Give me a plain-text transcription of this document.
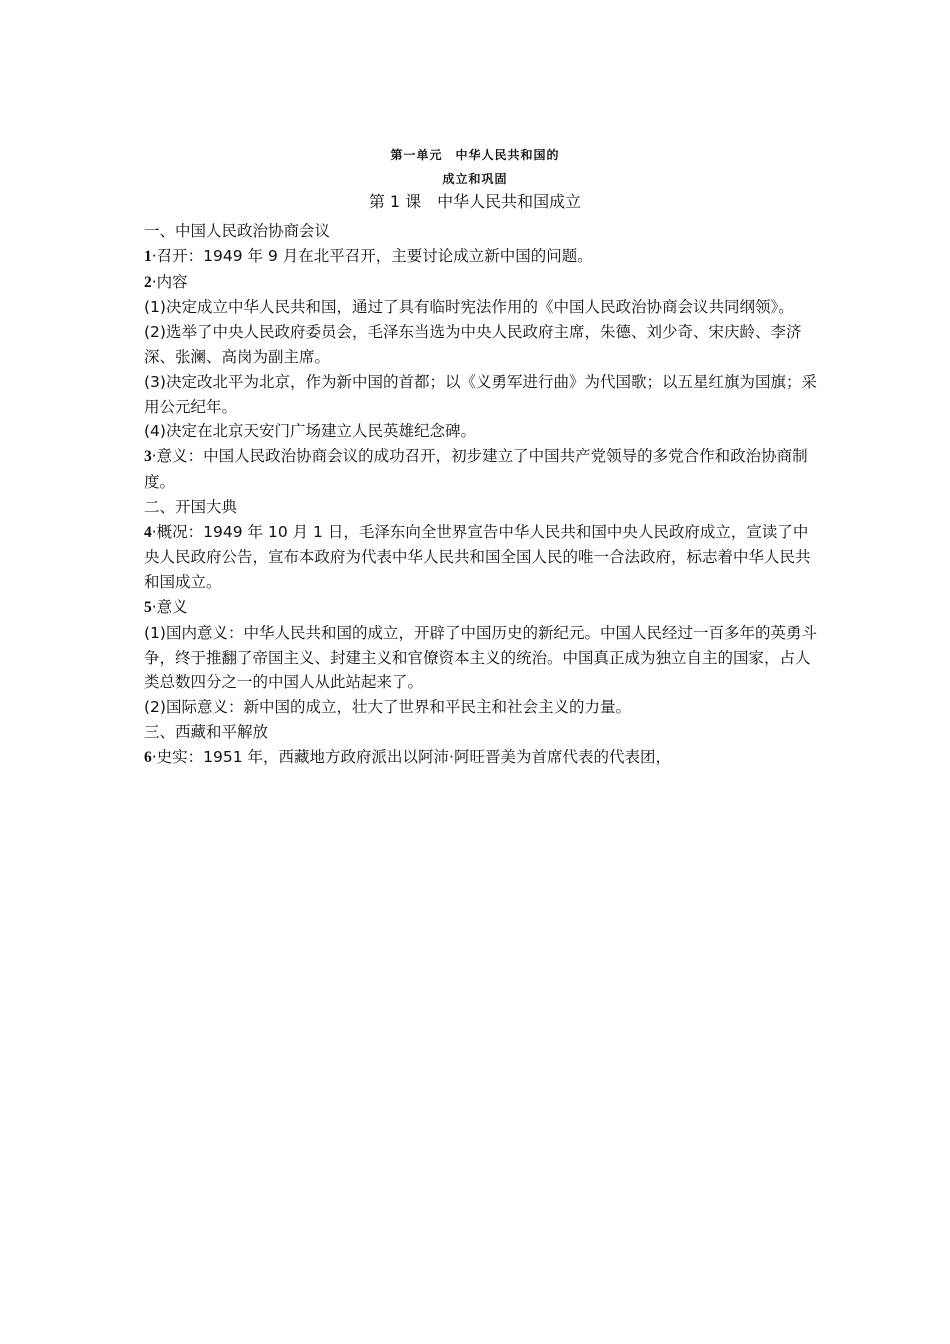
第一单元　中华人民共和国的
成立和巩固
第 1 课　中华人民共和国成立

一、中国人民政治协商会议

1·召开：1949 年 9 月在北平召开，主要讨论成立新中国的问题。

2·内容

(1)决定成立中华人民共和国，通过了具有临时宪法作用的《中国人民政治协商会议共同纲领》。

(2)选举了中央人民政府委员会，毛泽东当选为中央人民政府主席，朱德、刘少奇、宋庆龄、李济深、张澜、高岗为副主席。

(3)决定改北平为北京，作为新中国的首都；以《义勇军进行曲》为代国歌；以五星红旗为国旗；采用公元纪年。

(4)决定在北京天安门广场建立人民英雄纪念碑。

3·意义：中国人民政治协商会议的成功召开，初步建立了中国共产党领导的多党合作和政治协商制度。

二、开国大典

4·概况：1949 年 10 月 1 日，毛泽东向全世界宣告中华人民共和国中央人民政府成立，宣读了中央人民政府公告，宣布本政府为代表中华人民共和国全国人民的唯一合法政府，标志着中华人民共和国成立。

5·意义

(1)国内意义：中华人民共和国的成立，开辟了中国历史的新纪元。中国人民经过一百多年的英勇斗争，终于推翻了帝国主义、封建主义和官僚资本主义的统治。中国真正成为独立自主的国家，占人类总数四分之一的中国人从此站起来了。

(2)国际意义：新中国的成立，壮大了世界和平民主和社会主义的力量。

三、西藏和平解放

6·史实：1951 年，西藏地方政府派出以阿沛·阿旺晋美为首席代表的代表团，
